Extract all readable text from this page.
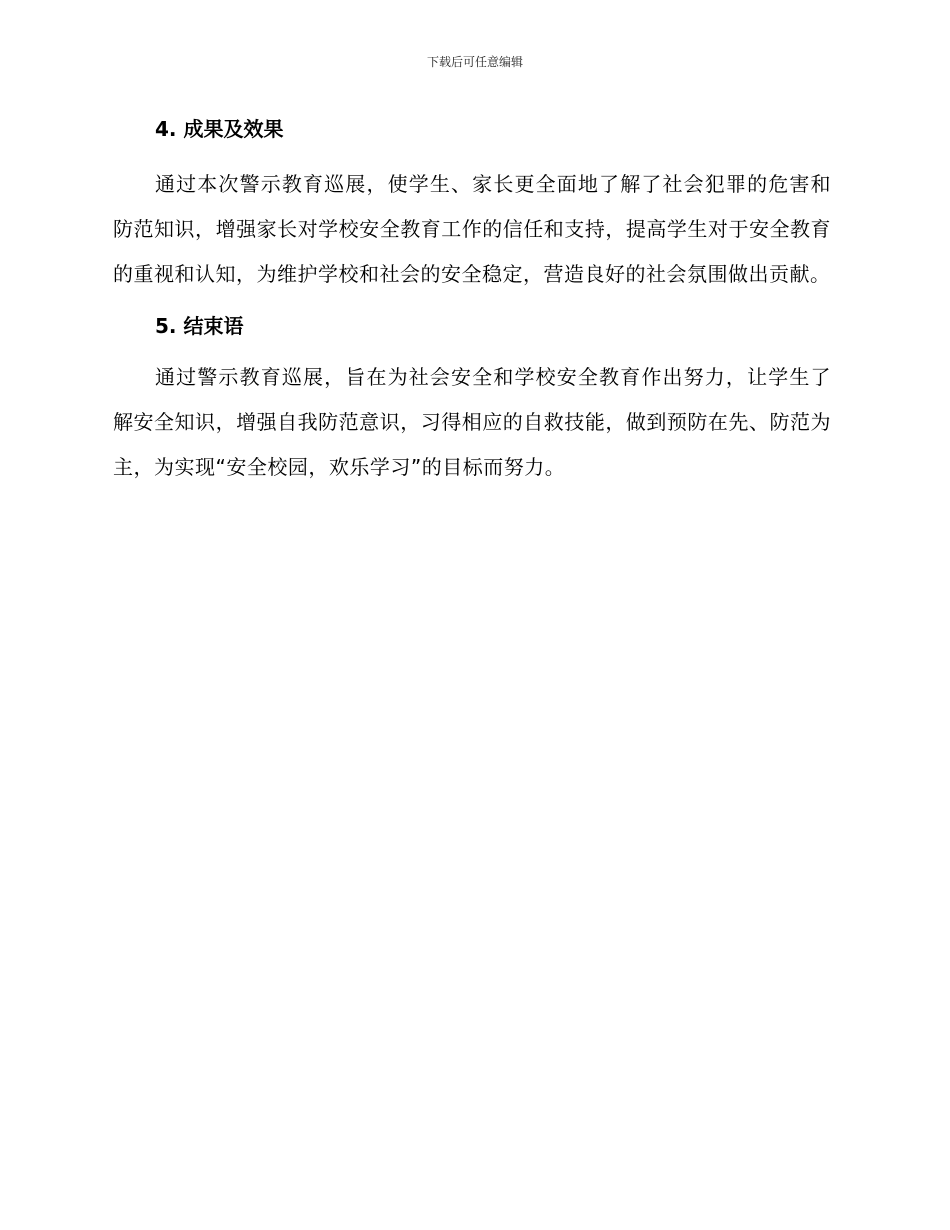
下载后可任意编辑
4. 成果及效果

通过本次警示教育巡展，使学生、家长更全面地了解了社会犯罪的危害和防范知识，增强家长对学校安全教育工作的信任和支持，提高学生对于安全教育的重视和认知，为维护学校和社会的安全稳定，营造良好的社会氛围做出贡献。

5. 结束语

通过警示教育巡展，旨在为社会安全和学校安全教育作出努力，让学生了解安全知识，增强自我防范意识，习得相应的自救技能，做到预防在先、防范为主，为实现“安全校园，欢乐学习”的目标而努力。
